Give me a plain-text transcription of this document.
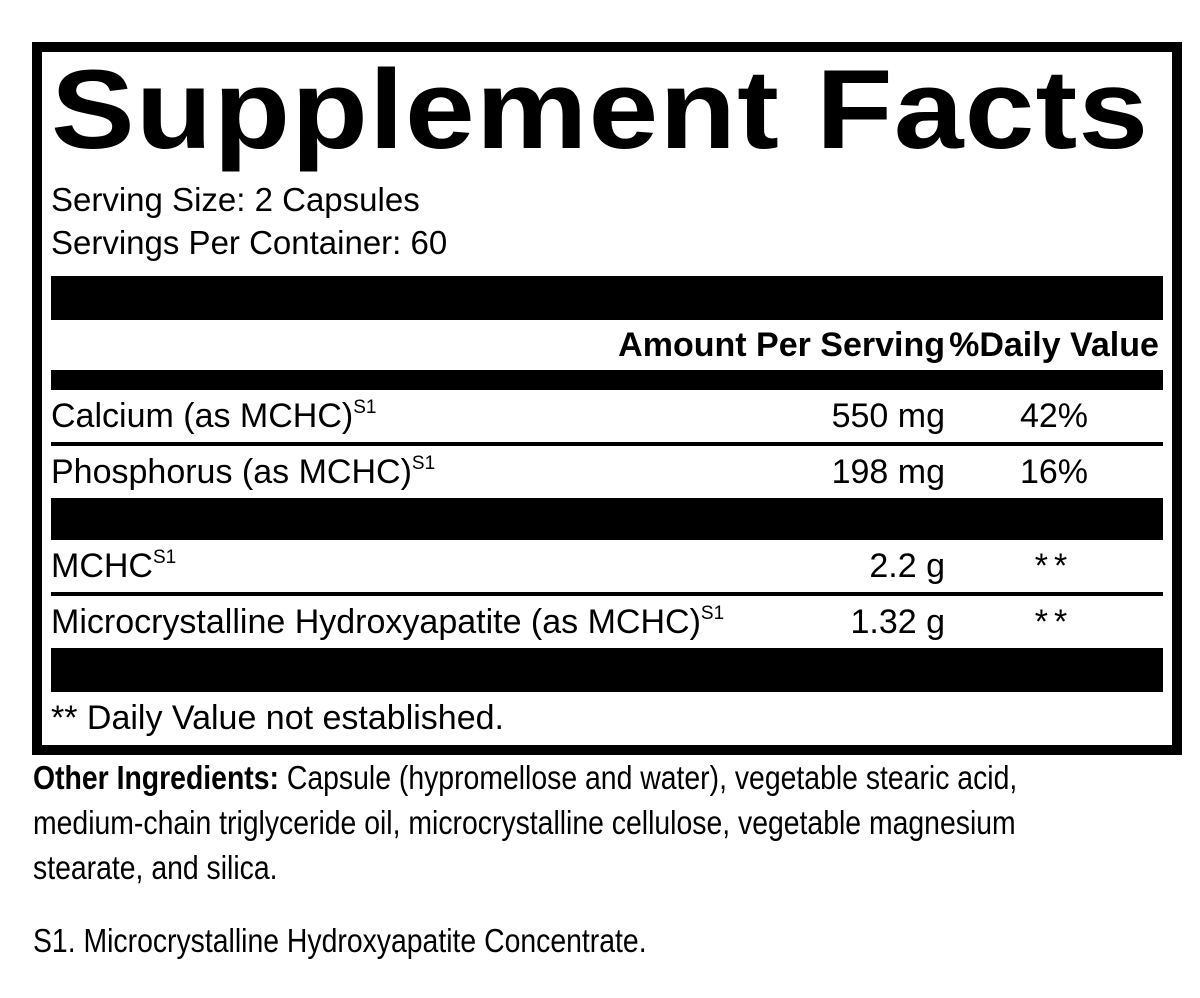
Supplement Facts
Serving Size: 2 Capsules
Servings Per Container: 60
Amount Per Serving %Daily Value
Calcium (as MCHC)$^{S1}$	550 mg	42%
Phosphorus (as MCHC)$^{S1}$	198 mg	16%
$MCHC^{S1}$	2.2 g	**
Microcrystalline Hydroxyapatite (as MCHC)$^{S1}$	1.32 g	**
** Daily Value not established.
Other Ingredients: Capsule (hypromellose and water), vegetable stearic acid,
medium-chain triglyceride oil, microcrystalline cellulose, vegetable magnesium
stearate, and silica.
S1. Microcrystalline Hydroxyapatite Concentrate.
